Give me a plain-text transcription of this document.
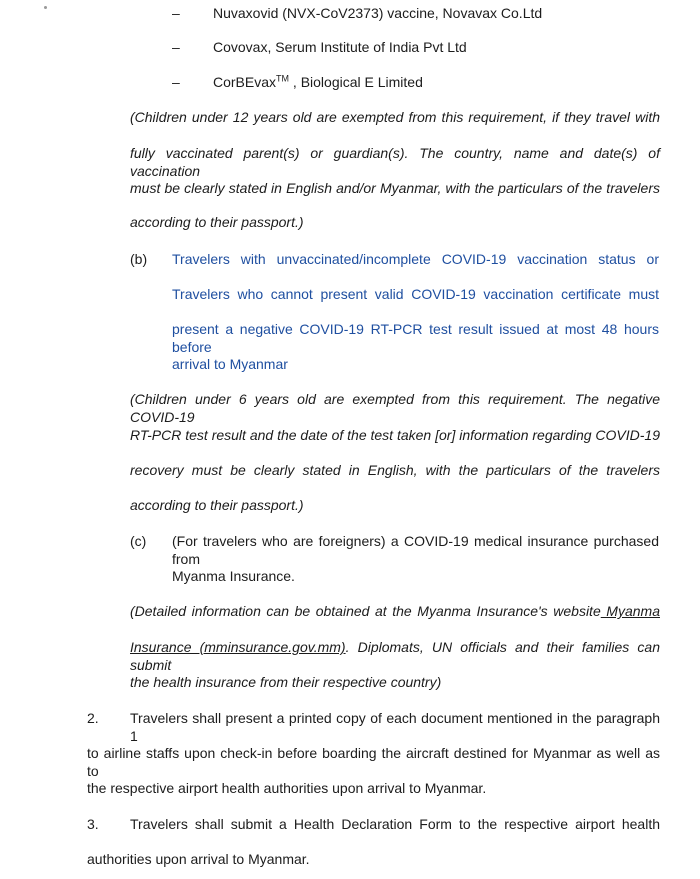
– Nuvaxovid (NVX-CoV2373) vaccine, Novavax Co.Ltd
– Covovax, Serum Institute of India Pvt Ltd
– CorBEvax™ , Biological E Limited
(Children under 12 years old are exempted from this requirement, if they travel with
fully vaccinated parent(s) or guardian(s). The country, name and date(s) of vaccination
must be clearly stated in English and/or Myanmar, with the particulars of the travelers
according to their passport.)
(b) Travelers with unvaccinated/incomplete COVID-19 vaccination status or
Travelers who cannot present valid COVID-19 vaccination certificate must
present a negative COVID-19 RT-PCR test result issued at most 48 hours before
arrival to Myanmar
(Children under 6 years old are exempted from this requirement. The negative COVID-19
RT-PCR test result and the date of the test taken [or] information regarding COVID-19
recovery must be clearly stated in English, with the particulars of the travelers
according to their passport.)
(c) (For travelers who are foreigners) a COVID-19 medical insurance purchased from
Myanma Insurance.
(Detailed information can be obtained at the Myanma Insurance's website Myanma
Insurance (mminsurance.gov.mm). Diplomats, UN officials and their families can submit
the health insurance from their respective country)
2. Travelers shall present a printed copy of each document mentioned in the paragraph 1
to airline staffs upon check-in before boarding the aircraft destined for Myanmar as well as to
the respective airport health authorities upon arrival to Myanmar.
3. Travelers shall submit a Health Declaration Form to the respective airport health
authorities upon arrival to Myanmar.
